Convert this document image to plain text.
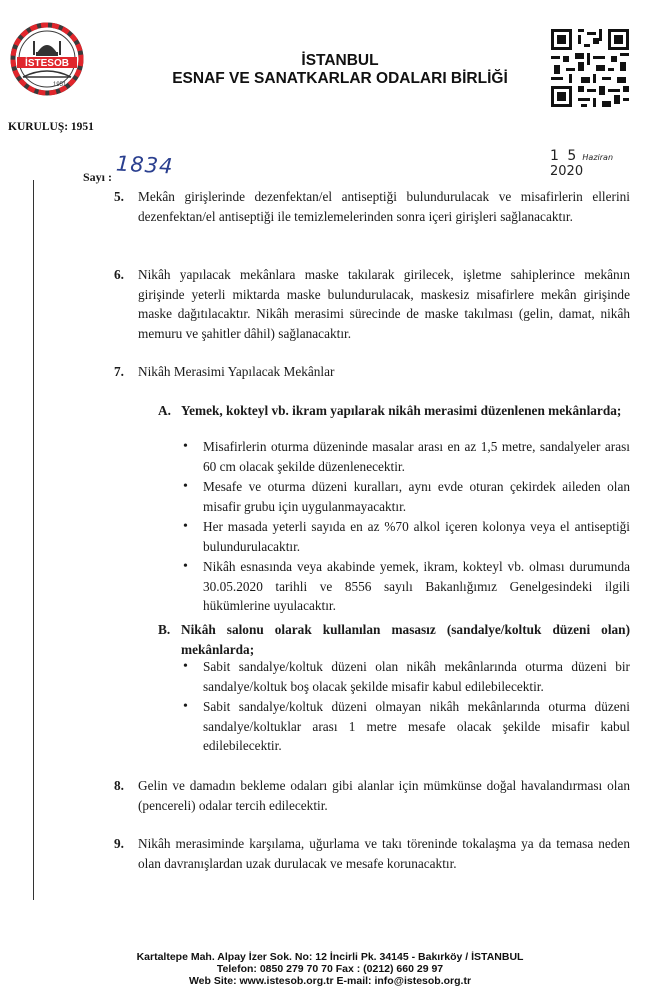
İSTESOB
1951
İSTANBUL
ESNAF VE SANATKARLAR ODALARI BİRLİĞİ
KURULUŞ: 1951
Sayı : 1834	1 5 Haziran 2020
5. Mekân girişlerinde dezenfektan/el antiseptiği bulundurulacak ve misafirlerin ellerini dezenfektan/el antiseptiği ile temizlemelerinden sonra içeri girişleri sağlanacaktır.
6. Nikâh yapılacak mekânlara maske takılarak girilecek, işletme sahiplerince mekânın girişinde yeterli miktarda maske bulundurulacak, maskesiz misafirlere mekân girişinde maske dağıtılacaktır. Nikâh merasimi sürecinde de maske takılması (gelin, damat, nikâh memuru ve şahitler dâhil) sağlanacaktır.
7. Nikâh Merasimi Yapılacak Mekânlar
A. Yemek, kokteyl vb. ikram yapılarak nikâh merasimi düzenlenen mekânlarda;
• Misafirlerin oturma düzeninde masalar arası en az 1,5 metre, sandalyeler arası 60 cm olacak şekilde düzenlenecektir.
• Mesafe ve oturma düzeni kuralları, aynı evde oturan çekirdek aileden olan misafir grubu için uygulanmayacaktır.
• Her masada yeterli sayıda en az %70 alkol içeren kolonya veya el antiseptiği bulundurulacaktır.
• Nikâh esnasında veya akabinde yemek, ikram, kokteyl vb. olması durumunda 30.05.2020 tarihli ve 8556 sayılı Bakanlığımız Genelgesindeki ilgili hükümlerine uyulacaktır.
B. Nikâh salonu olarak kullanılan masasız (sandalye/koltuk düzeni olan) mekânlarda;
• Sabit sandalye/koltuk düzeni olan nikâh mekânlarında oturma düzeni bir sandalye/koltuk boş olacak şekilde misafir kabul edilebilecektir.
• Sabit sandalye/koltuk düzeni olmayan nikâh mekânlarında oturma düzeni sandalye/koltuklar arası 1 metre mesafe olacak şekilde misafir kabul edilebilecektir.
8. Gelin ve damadın bekleme odaları gibi alanlar için mümkünse doğal havalandırması olan (pencereli) odalar tercih edilecektir.
9. Nikâh merasiminde karşılama, uğurlama ve takı töreninde tokalaşma ya da temasa neden olan davranışlardan uzak durulacak ve mesafe korunacaktır.
Kartaltepe Mah. Alpay İzer Sok. No: 12 İncirli Pk. 34145 - Bakırköy / İSTANBUL
Telefon: 0850 279 70 70 Fax : (0212) 660 29 97
Web Site: www.istesob.org.tr E-mail: info@istesob.org.tr
